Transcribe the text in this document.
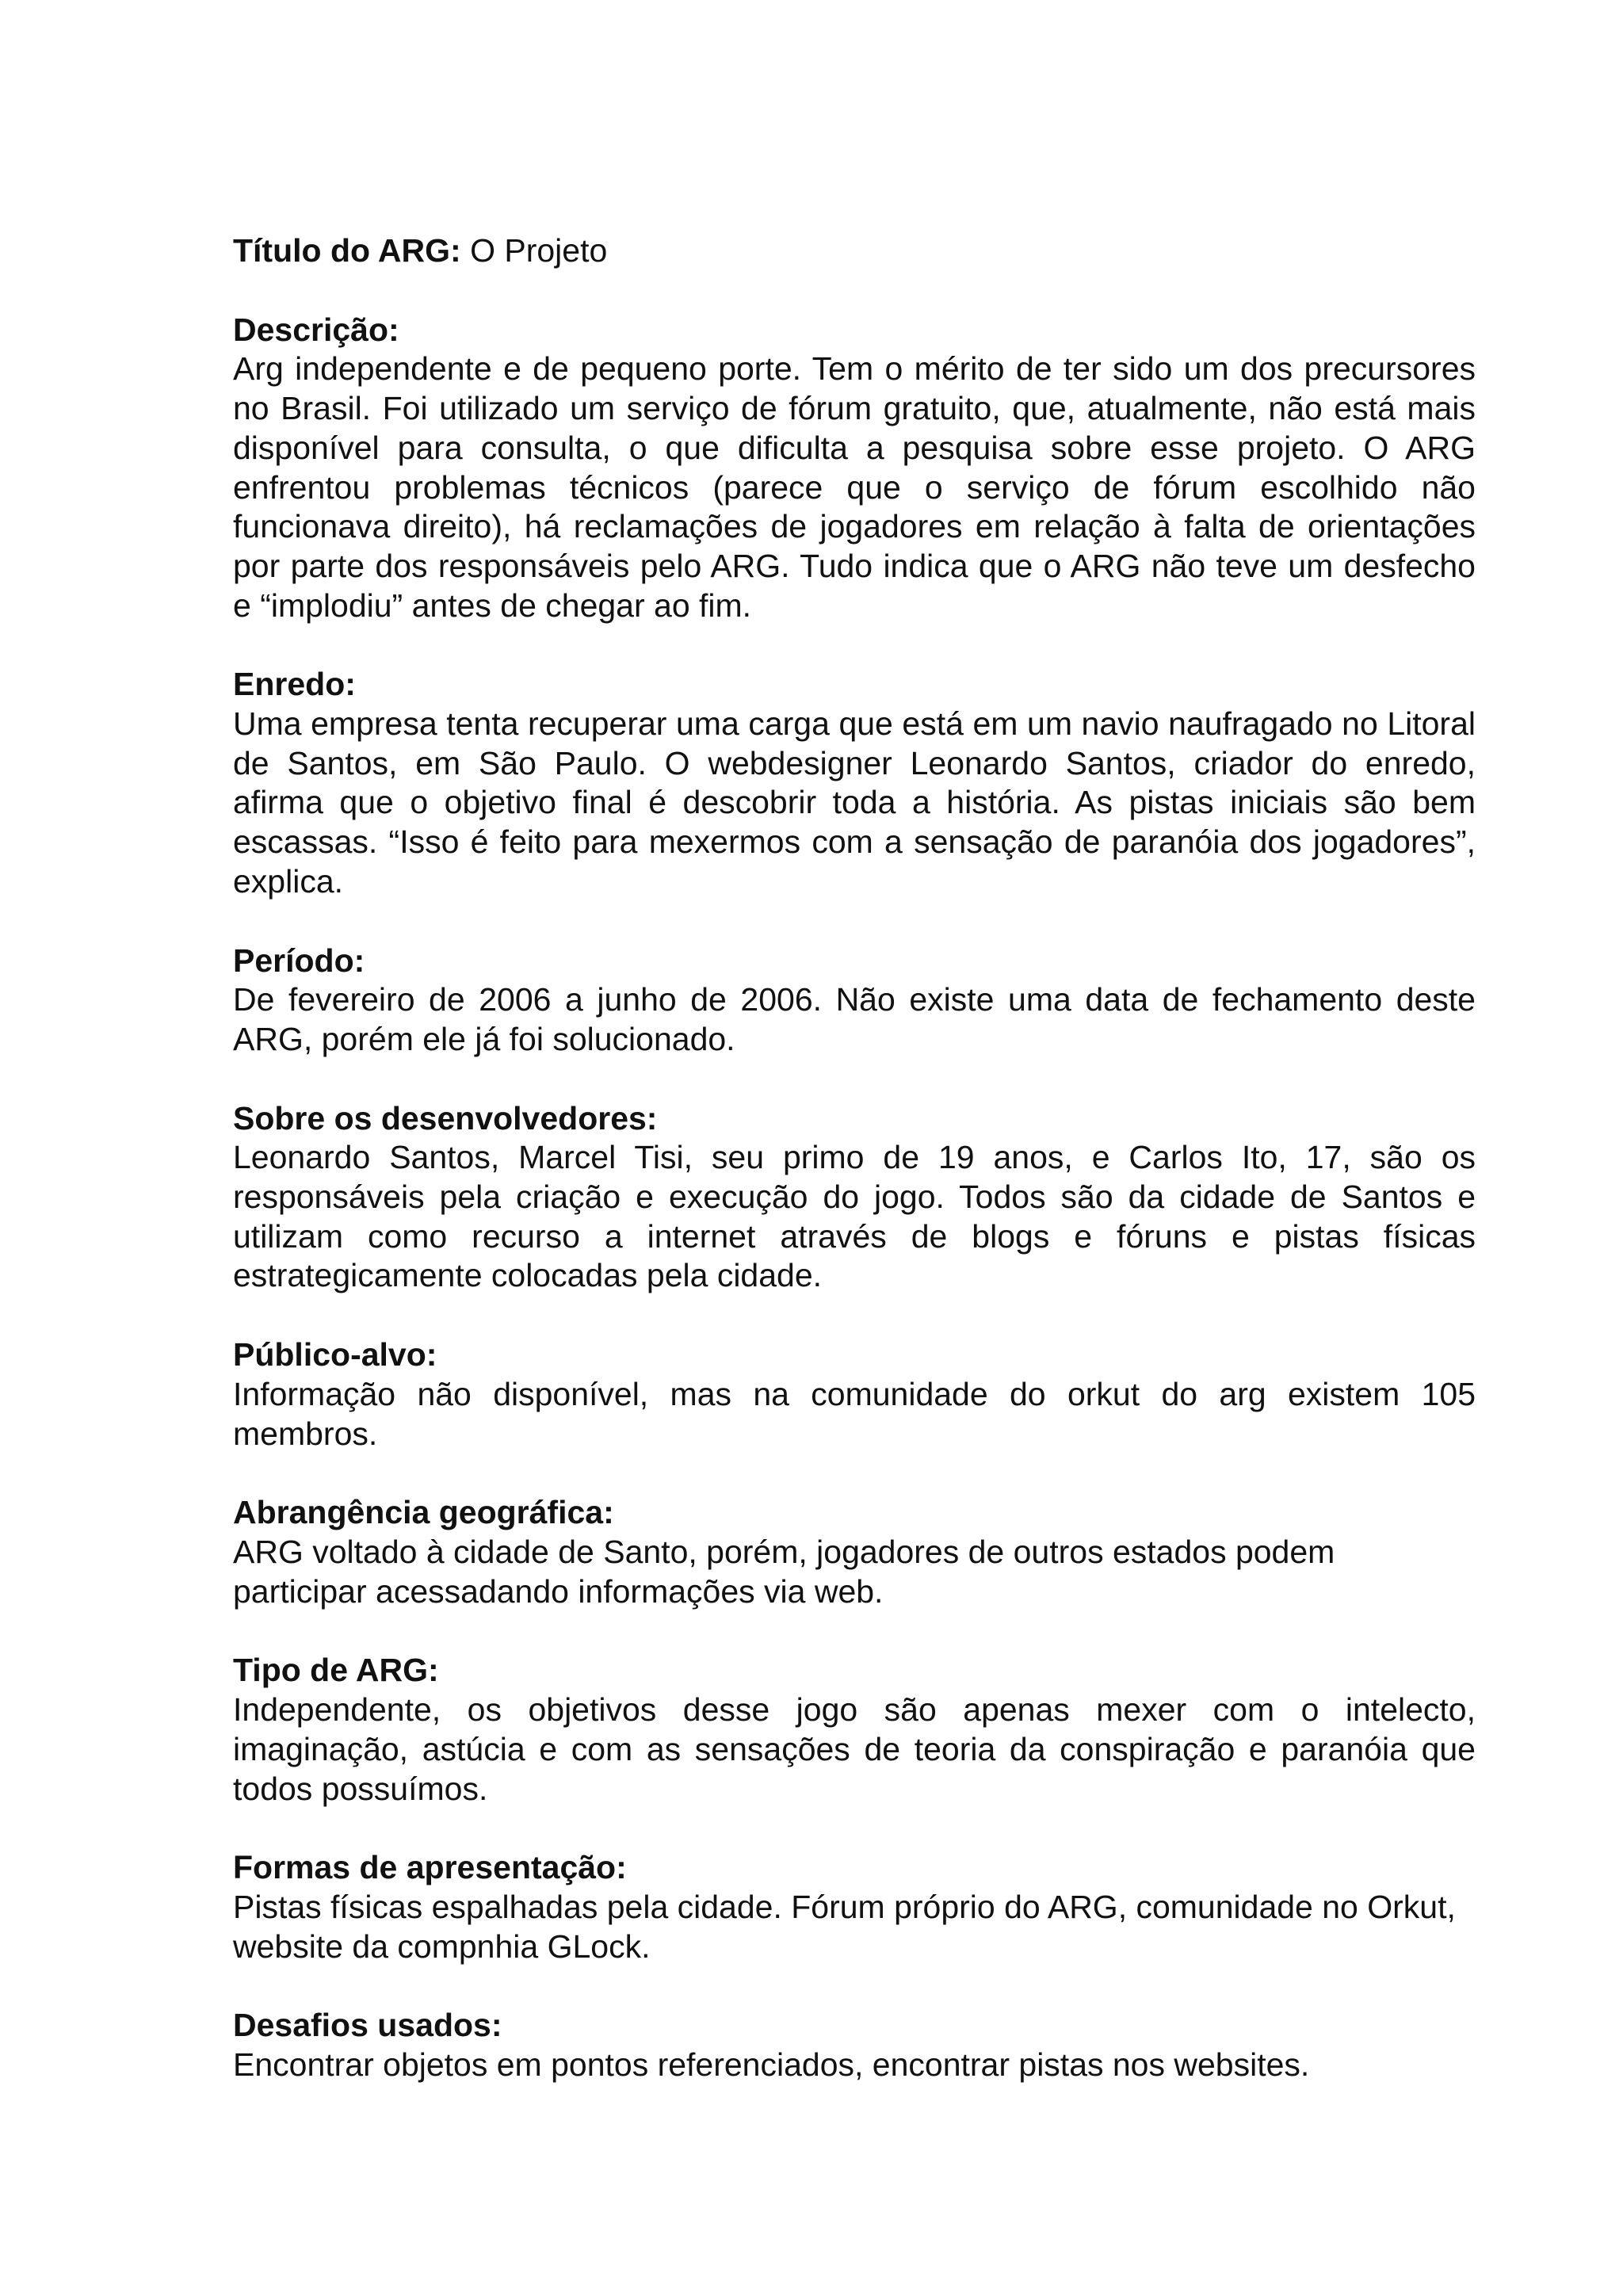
Título do ARG: O Projeto

Descrição:

Arg independente e de pequeno porte. Tem o mérito de ter sido um dos precursores no Brasil. Foi utilizado um serviço de fórum gratuito, que, atualmente, não está mais disponível para consulta, o que dificulta a pesquisa sobre esse projeto. O ARG enfrentou problemas técnicos (parece que o serviço de fórum escolhido não funcionava direito), há reclamações de jogadores em relação à falta de orientações por parte dos responsáveis pelo ARG. Tudo indica que o ARG não teve um desfecho e “implodiu” antes de chegar ao fim.

Enredo:

Uma empresa tenta recuperar uma carga que está em um navio naufragado no Litoral de Santos, em São Paulo. O webdesigner Leonardo Santos, criador do enredo, afirma que o objetivo final é descobrir toda a história. As pistas iniciais são bem escassas. “Isso é feito para mexermos com a sensação de paranóia dos jogadores”, explica.

Período:

De fevereiro de 2006 a junho de 2006. Não existe uma data de fechamento deste ARG, porém ele já foi solucionado.

Sobre os desenvolvedores:

Leonardo Santos, Marcel Tisi, seu primo de 19 anos, e Carlos Ito, 17, são os responsáveis pela criação e execução do jogo. Todos são da cidade de Santos e utilizam como recurso a internet através de blogs e fóruns e pistas físicas estrategicamente colocadas pela cidade.

Público-alvo:

Informação não disponível, mas na comunidade do orkut do arg existem 105 membros.

Abrangência geográfica:

ARG voltado à cidade de Santo, porém, jogadores de outros estados podem participar acessadando informações via web.

Tipo de ARG:

Independente, os objetivos desse jogo são apenas mexer com o intelecto, imaginação, astúcia e com as sensações de teoria da conspiração e paranóia que todos possuímos.

Formas de apresentação:

Pistas físicas espalhadas pela cidade. Fórum próprio do ARG, comunidade no Orkut, website da compnhia GLock.

Desafios usados:

Encontrar objetos em pontos referenciados, encontrar pistas nos websites.
